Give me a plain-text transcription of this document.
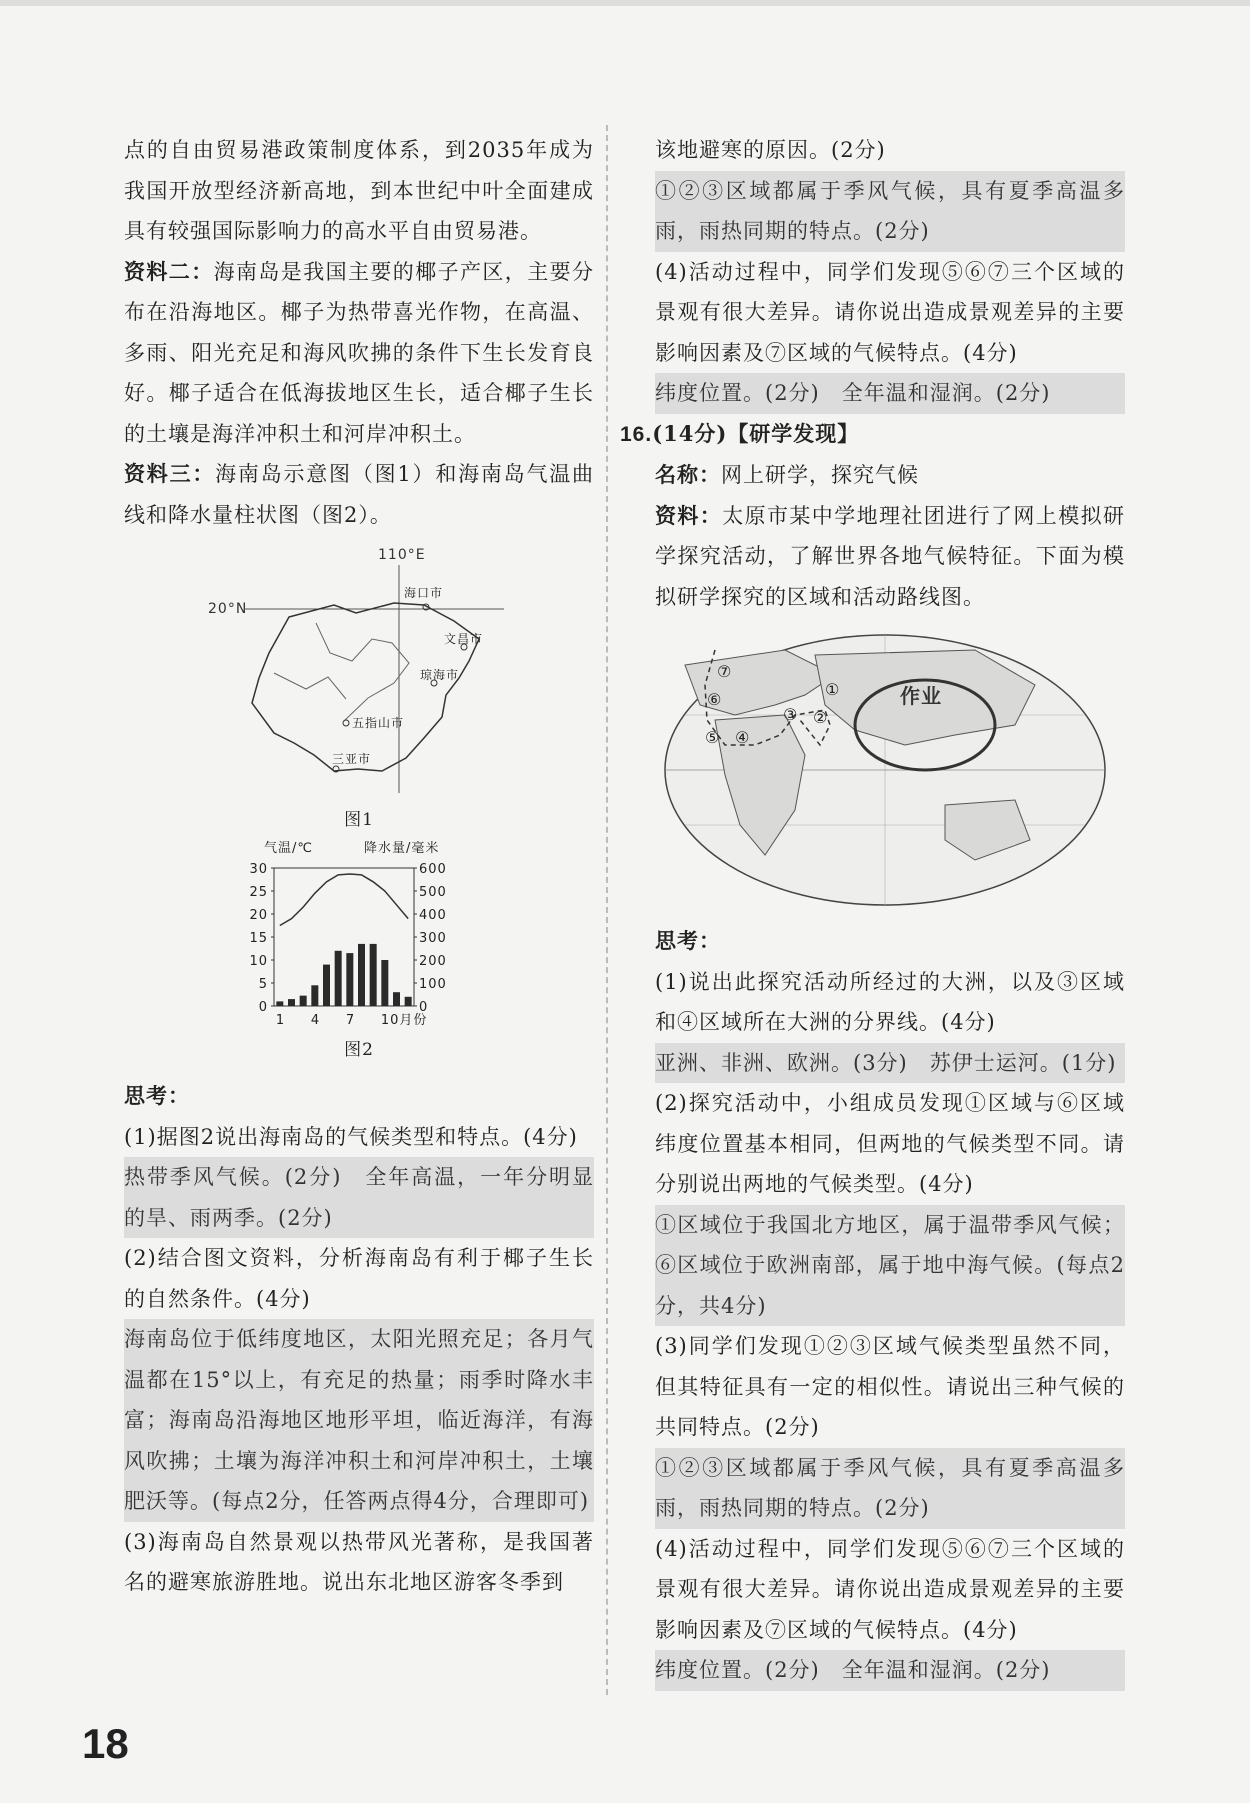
点的自由贸易港政策制度体系，到2035年成为我国开放型经济新高地，到本世纪中叶全面建成具有较强国际影响力的高水平自由贸易港。

资料二：海南岛是我国主要的椰子产区，主要分布在沿海地区。椰子为热带喜光作物，在高温、多雨、阳光充足和海风吹拂的条件下生长发育良好。椰子适合在低海拔地区生长，适合椰子生长的土壤是海洋冲积土和河岸冲积土。

资料三：海南岛示意图（图1）和海南岛气温曲线和降水量柱状图（图2）。

110°E
20°N
海口市
文昌市
琼海市
五指山市
三亚市
图1
气温/℃	降水量/毫米
0
5
10
15
20
25
30
0
100
200
300
400
500
600
1 4 7 10月份
图2

思考：

(1)据图2说出海南岛的气候类型和特点。(4分)

热带季风气候。(2分)　全年高温，一年分明显的旱、雨两季。(2分)

(2)结合图文资料，分析海南岛有利于椰子生长的自然条件。(4分)

海南岛位于低纬度地区，太阳光照充足；各月气温都在15°以上，有充足的热量；雨季时降水丰富；海南岛沿海地区地形平坦，临近海洋，有海风吹拂；土壤为海洋冲积土和河岸冲积土，土壤肥沃等。(每点2分，任答两点得4分，合理即可)

(3)海南岛自然景观以热带风光著称，是我国著名的避寒旅游胜地。说出东北地区游客冬季到

该地避寒的原因。(2分)

①②③区域都属于季风气候，具有夏季高温多雨，雨热同期的特点。(2分)

(4)活动过程中，同学们发现⑤⑥⑦三个区域的景观有很大差异。请你说出造成景观差异的主要影响因素及⑦区域的气候特点。(4分)

纬度位置。(2分)　全年温和湿润。(2分)

16.(14分)【研学发现】

名称：网上研学，探究气候

资料：太原市某中学地理社团进行了网上模拟研学探究活动，了解世界各地气候特征。下面为模拟研学探究的区域和活动路线图。

作业
①
②
③
④
⑤
⑥
⑦

思考：

(1)说出此探究活动所经过的大洲，以及③区域和④区域所在大洲的分界线。(4分)

亚洲、非洲、欧洲。(3分)　苏伊士运河。(1分)

(2)探究活动中，小组成员发现①区域与⑥区域纬度位置基本相同，但两地的气候类型不同。请分别说出两地的气候类型。(4分)

①区域位于我国北方地区，属于温带季风气候；⑥区域位于欧洲南部，属于地中海气候。(每点2分，共4分)

(3)同学们发现①②③区域气候类型虽然不同，但其特征具有一定的相似性。请说出三种气候的共同特点。(2分)

①②③区域都属于季风气候，具有夏季高温多雨，雨热同期的特点。(2分)

(4)活动过程中，同学们发现⑤⑥⑦三个区域的景观有很大差异。请你说出造成景观差异的主要影响因素及⑦区域的气候特点。(4分)

纬度位置。(2分)　全年温和湿润。(2分)

18
